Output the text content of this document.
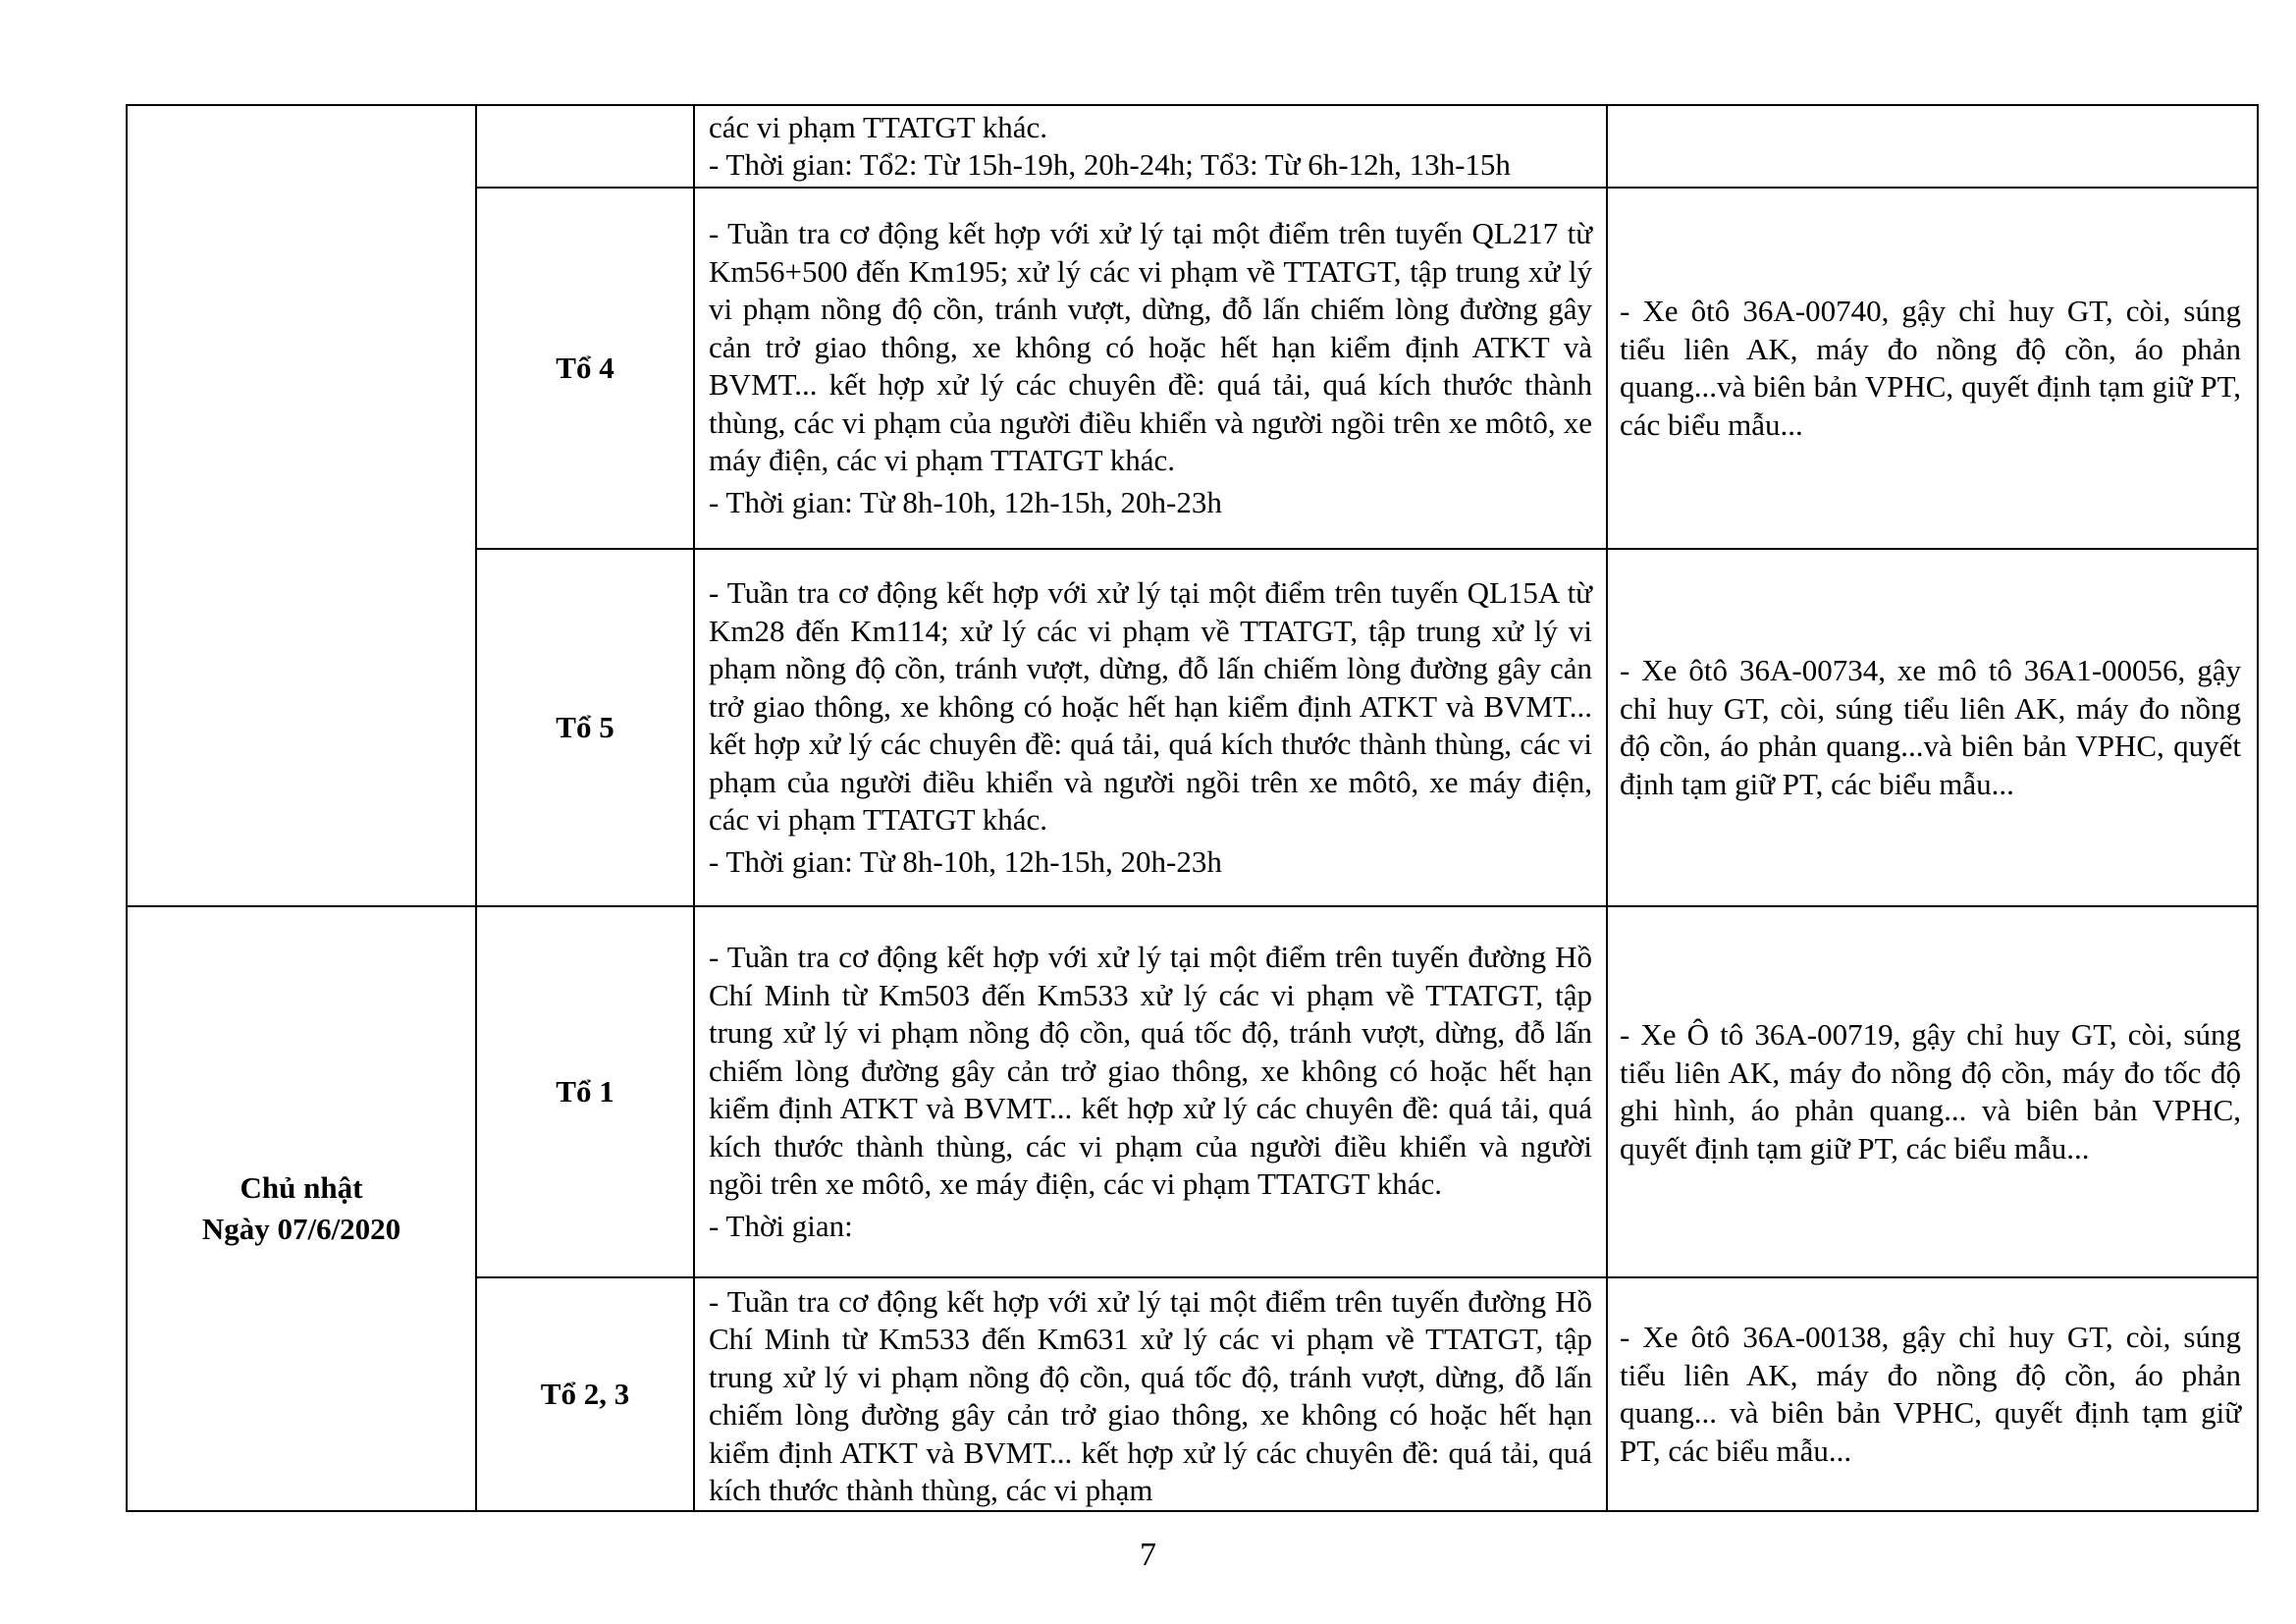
		các vi phạm TTATGT khác.
- Thời gian: Tổ2: Từ 15h-19h, 20h-24h; Tổ3: Từ 6h-12h, 13h-15h	

	Tổ 4	- Tuần tra cơ động kết hợp với xử lý tại một điểm trên tuyến QL217 từ Km56+500 đến Km195; xử lý các vi phạm về TTATGT, tập trung xử lý vi phạm nồng độ cồn, tránh vượt, dừng, đỗ lấn chiếm lòng đường gây cản trở giao thông, xe không có hoặc hết hạn kiểm định ATKT và BVMT... kết hợp xử lý các chuyên đề: quá tải, quá kích thước thành thùng, các vi phạm của người điều khiển và người ngồi trên xe môtô, xe máy điện, các vi phạm TTATGT khác.
- Thời gian: Từ 8h-10h, 12h-15h, 20h-23h	- Xe ôtô 36A-00740, gậy chỉ huy GT, còi, súng tiểu liên AK, máy đo nồng độ cồn, áo phản quang...và biên bản VPHC, quyết định tạm giữ PT, các biểu mẫu...
	Tổ 5	- Tuần tra cơ động kết hợp với xử lý tại một điểm trên tuyến QL15A từ Km28 đến Km114; xử lý các vi phạm về TTATGT, tập trung xử lý vi phạm nồng độ cồn, tránh vượt, dừng, đỗ lấn chiếm lòng đường gây cản trở giao thông, xe không có hoặc hết hạn kiểm định ATKT và BVMT... kết hợp xử lý các chuyên đề: quá tải, quá kích thước thành thùng, các vi phạm của người điều khiển và người ngồi trên xe môtô, xe máy điện, các vi phạm TTATGT khác.
- Thời gian: Từ 8h-10h, 12h-15h, 20h-23h	- Xe ôtô 36A-00734, xe mô tô 36A1-00056, gậy chỉ huy GT, còi, súng tiểu liên AK, máy đo nồng độ cồn, áo phản quang...và biên bản VPHC, quyết định tạm giữ PT, các biểu mẫu...

Chủ nhật
Ngày 07/6/2020	Tổ 1	- Tuần tra cơ động kết hợp với xử lý tại một điểm trên tuyến đường Hồ Chí Minh từ Km503 đến Km533 xử lý các vi phạm về TTATGT, tập trung xử lý vi phạm nồng độ cồn, quá tốc độ, tránh vượt, dừng, đỗ lấn chiếm lòng đường gây cản trở giao thông, xe không có hoặc hết hạn kiểm định ATKT và BVMT... kết hợp xử lý các chuyên đề: quá tải, quá kích thước thành thùng, các vi phạm của người điều khiển và người ngồi trên xe môtô, xe máy điện, các vi phạm TTATGT khác.
- Thời gian:	- Xe Ô tô 36A-00719, gậy chỉ huy GT, còi, súng tiểu liên AK, máy đo nồng độ cồn, máy đo tốc độ ghi hình, áo phản quang... và biên bản VPHC, quyết định tạm giữ PT, các biểu mẫu...
	Tổ 2, 3	- Tuần tra cơ động kết hợp với xử lý tại một điểm trên tuyến đường Hồ Chí Minh từ Km533 đến Km631 xử lý các vi phạm về TTATGT, tập trung xử lý vi phạm nồng độ cồn, quá tốc độ, tránh vượt, dừng, đỗ lấn chiếm lòng đường gây cản trở giao thông, xe không có hoặc hết hạn kiểm định ATKT và BVMT... kết hợp xử lý các chuyên đề: quá tải, quá kích thước thành thùng, các vi phạm	- Xe ôtô 36A-00138, gậy chỉ huy GT, còi, súng tiểu liên AK, máy đo nồng độ cồn, áo phản quang... và biên bản VPHC, quyết định tạm giữ PT, các biểu mẫu...
7
